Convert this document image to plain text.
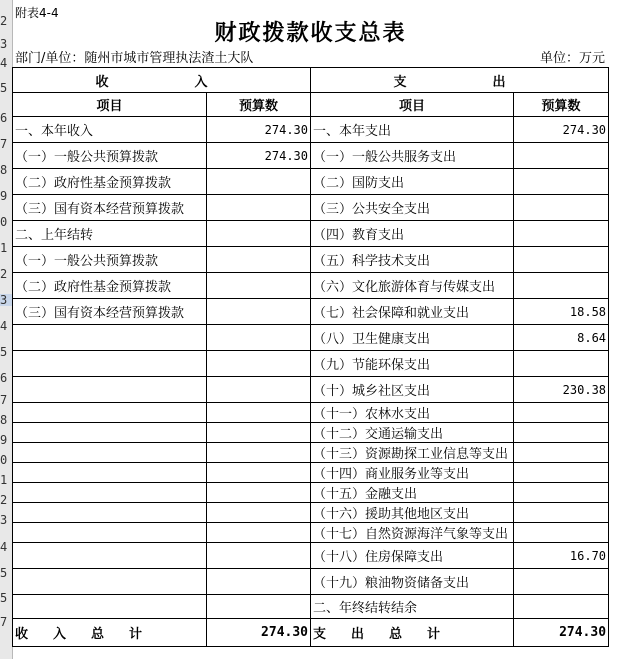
2
3
4
5
6
7
8
9
0
1
2
3
4
5
6
7
8
9
0
1
2
3
4
5
5
7
附表4-4
财政拨款收支总表
部门/单位：随州市城市管理执法渣土大队	单位：万元
收　　入		支　　出	
项目	预算数	项目	预算数
一、本年收入	274.30	一、本年支出	274.30
（一）一般公共预算拨款	274.30	（一）一般公共服务支出	
（二）政府性基金预算拨款		（二）国防支出	
（三）国有资本经营预算拨款		（三）公共安全支出	
二、上年结转		（四）教育支出	
（一）一般公共预算拨款		（五）科学技术支出	
（二）政府性基金预算拨款		（六）文化旅游体育与传媒支出	
（三）国有资本经营预算拨款		（七）社会保障和就业支出	18.58
		（八）卫生健康支出	8.64
		（九）节能环保支出	
		（十）城乡社区支出	230.38
		（十一）农林水支出	
		（十二）交通运输支出	
		（十三）资源勘探工业信息等支出	
		（十四）商业服务业等支出	
		（十五）金融支出	
		（十六）援助其他地区支出	
		（十七）自然资源海洋气象等支出	
		（十八）住房保障支出	16.70
		（十九）粮油物资储备支出	
		二、年终结转结余	
收　入　总　计	274.30	支　出　总　计	274.30
